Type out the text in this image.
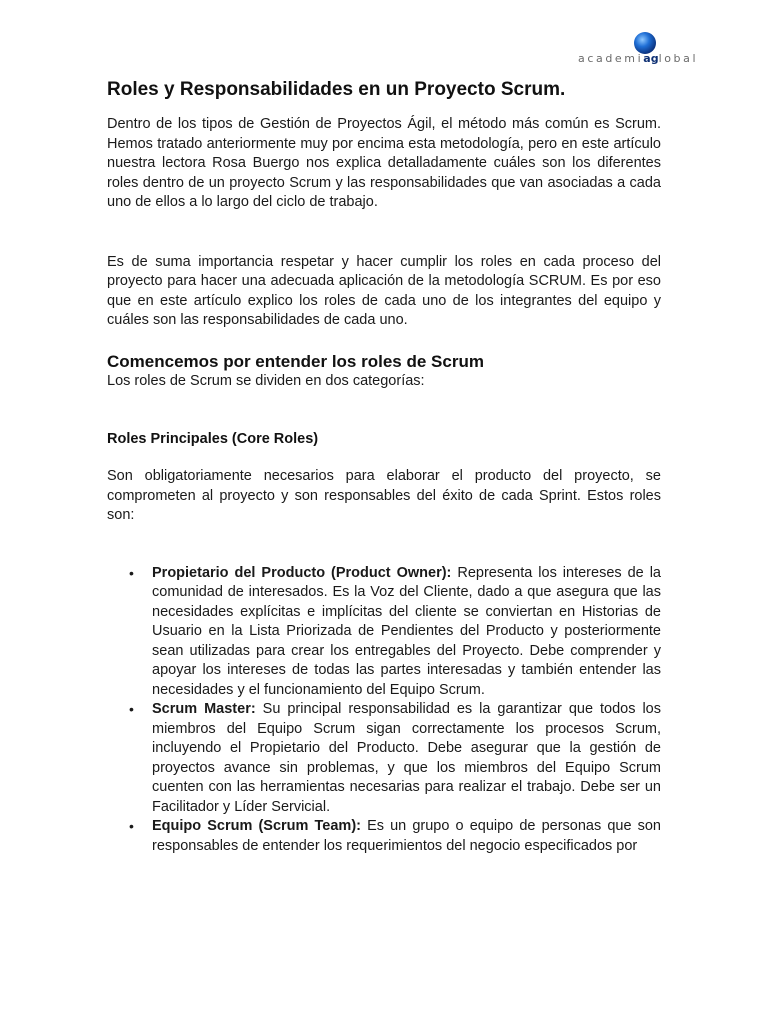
academiaglobal
Roles y Responsabilidades en un Proyecto Scrum.

Dentro de los tipos de Gestión de Proyectos Ágil, el método más común es Scrum. Hemos tratado anteriormente muy por encima esta metodología, pero en este artículo nuestra lectora Rosa Buergo nos explica detalladamente cuáles son los diferentes roles dentro de un proyecto Scrum y las responsabilidades que van asociadas a cada uno de ellos a lo largo del ciclo de trabajo.

Es de suma importancia respetar y hacer cumplir los roles en cada proceso del proyecto para hacer una adecuada aplicación de la metodología SCRUM. Es por eso que en este artículo explico los roles de cada uno de los integrantes del equipo y cuáles son las responsabilidades de cada uno.

Comencemos por entender los roles de Scrum

Los roles de Scrum se dividen en dos categorías:

Roles Principales (Core Roles)

Son obligatoriamente necesarios para elaborar el producto del proyecto, se comprometen al proyecto y son responsables del éxito de cada Sprint. Estos roles son:

• Propietario del Producto (Product Owner): Representa los intereses de la comunidad de interesados. Es la Voz del Cliente, dado a que asegura que las necesidades explícitas e implícitas del cliente se conviertan en Historias de Usuario en la Lista Priorizada de Pendientes del Producto y posteriormente sean utilizadas para crear los entregables del Proyecto. Debe comprender y apoyar los intereses de todas las partes interesadas y también entender las necesidades y el funcionamiento del Equipo Scrum.
• Scrum Master: Su principal responsabilidad es la garantizar que todos los miembros del Equipo Scrum sigan correctamente los procesos Scrum, incluyendo el Propietario del Producto. Debe asegurar que la gestión de proyectos avance sin problemas, y que los miembros del Equipo Scrum cuenten con las herramientas necesarias para realizar el trabajo. Debe ser un Facilitador y Líder Servicial.
• Equipo Scrum (Scrum Team): Es un grupo o equipo de personas que son responsables de entender los requerimientos del negocio especificados por
